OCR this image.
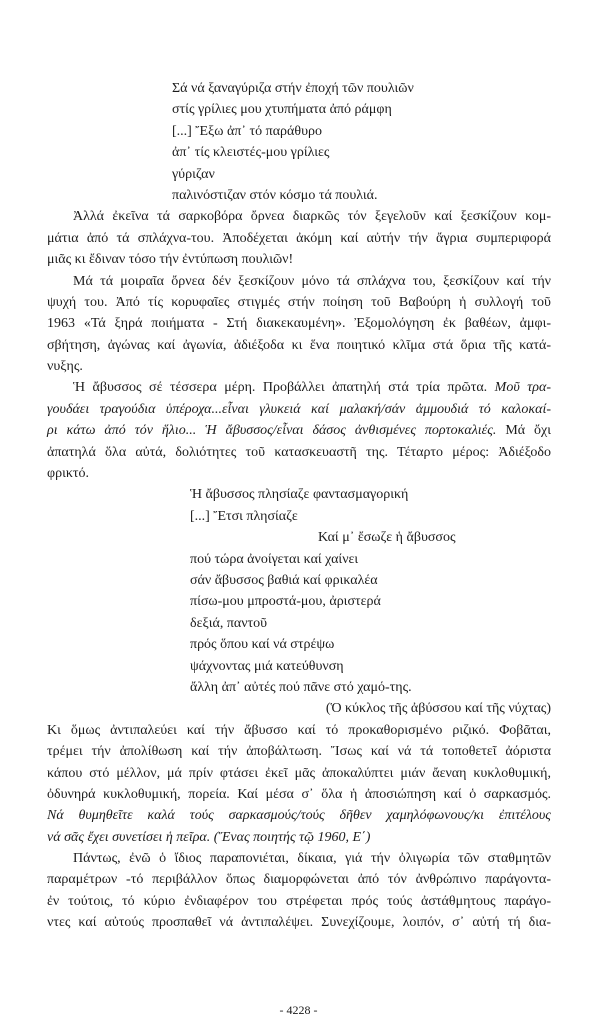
Σά νά ξαναγύριζα στήν ἐποχή τῶν πουλιῶν
στίς γρίλιες μου χτυπήματα ἀπό ράμφη
[...] Ἔξω ἀπ᾽ τό παράθυρο
ἀπ᾽ τίς κλειστές-μου γρίλιες
γύριζαν
παλινόστιζαν στόν κόσμο τά πουλιά.
Ἀλλά ἐκεῖνα τά σαρκοβόρα ὄρνεα διαρκῶς τόν ξεγελοῦν καί ξεσκίζουν κομ-
μάτια ἀπό τά σπλάχνα-του. Ἀποδέχεται ἀκόμη καί αὐτήν τήν ἄγρια συμπεριφορά
μιᾶς κι ἔδιναν τόσο τήν ἐντύπωση πουλιῶν!
Μά τά μοιραῖα ὄρνεα δέν ξεσκίζουν μόνο τά σπλάχνα του, ξεσκίζουν καί τήν
ψυχή του. Ἀπό τίς κορυφαῖες στιγμές στήν ποίηση τοῦ Βαβούρη ἡ συλλογή τοῦ
1963 «Τά ξηρά ποιήματα - Στή διακεκαυμένη». Ἐξομολόγηση ἐκ βαθέων, ἀμφι-
σβήτηση, ἀγώνας καί ἀγωνία, ἀδιέξοδα κι ἕνα ποιητικό κλῖμα στά ὅρια τῆς κατά-
νυξης.
Ἡ ἄβυσσος σέ τέσσερα μέρη. Προβάλλει ἀπατηλή στά τρία πρῶτα. Μοῦ τρα-
γουδάει τραγούδια ὑπέροχα...εἶναι γλυκειά καί μαλακή/σάν ἀμμουδιά τό καλοκαί-
ρι κάτω ἀπό τόν ἥλιο... Ἡ ἄβυσσος/εἶναι δάσος ἀνθισμένες πορτοκαλιές. Μά ὄχι
ἀπατηλά ὅλα αὐτά, δολιότητες τοῦ κατασκευαστῆ της. Τέταρτο μέρος: Ἀδιέξοδο
φρικτό.
Ἡ ἄβυσσος πλησίαζε φαντασμαγορική
[...] Ἔτσι πλησίαζε
Καί μ᾽ ἔσωζε ἡ ἄβυσσος
πού τώρα ἀνοίγεται καί χαίνει
σάν ἄβυσσος βαθιά καί φρικαλέα
πίσω-μου μπροστά-μου, ἀριστερά
δεξιά, παντοῦ
πρός ὅπου καί νά στρέψω
ψάχνοντας μιά κατεύθυνση
ἄλλη ἀπ᾽ αὐτές πού πᾶνε στό χαμό-της.
(Ὁ κύκλος τῆς ἀβύσσου καί τῆς νύχτας)
Κι ὅμως ἀντιπαλεύει καί τήν ἄβυσσο καί τό προκαθορισμένο ριζικό. Φοβᾶται,
τρέμει τήν ἀπολίθωση καί τήν ἀποβάλτωση. Ἴσως καί νά τά τοποθετεῖ ἀόριστα
κάπου στό μέλλον, μά πρίν φτάσει ἐκεῖ μᾶς ἀποκαλύπτει μιάν ἄεναη κυκλοθυμική,
ὀδυνηρά κυκλοθυμική, πορεία. Καί μέσα σ᾽ ὅλα ἡ ἀποσιώπηση καί ὁ σαρκασμός.
Νά θυμηθεῖτε καλά τούς σαρκασμούς/τούς δῆθεν χαμηλόφωνους/κι ἐπιτέλους
νά σᾶς ἔχει συνετίσει ἡ πεῖρα. (Ἕνας ποιητής τῷ 1960, Ε΄)
Πάντως, ἐνῶ ὁ ἴδιος παραπονιέται, δίκαια, γιά τήν ὀλιγωρία τῶν σταθμητῶν
παραμέτρων -τό περιβάλλον ὅπως διαμορφώνεται ἀπό τόν ἀνθρώπινο παράγοντα-
ἐν τούτοις, τό κύριο ἐνδιαφέρον του στρέφεται πρός τούς ἀστάθμητους παράγο-
ντες καί αὐτούς προσπαθεῖ νά ἀντιπαλέψει. Συνεχίζουμε, λοιπόν, σ᾽ αὐτή τή δια-
- 4228 -
